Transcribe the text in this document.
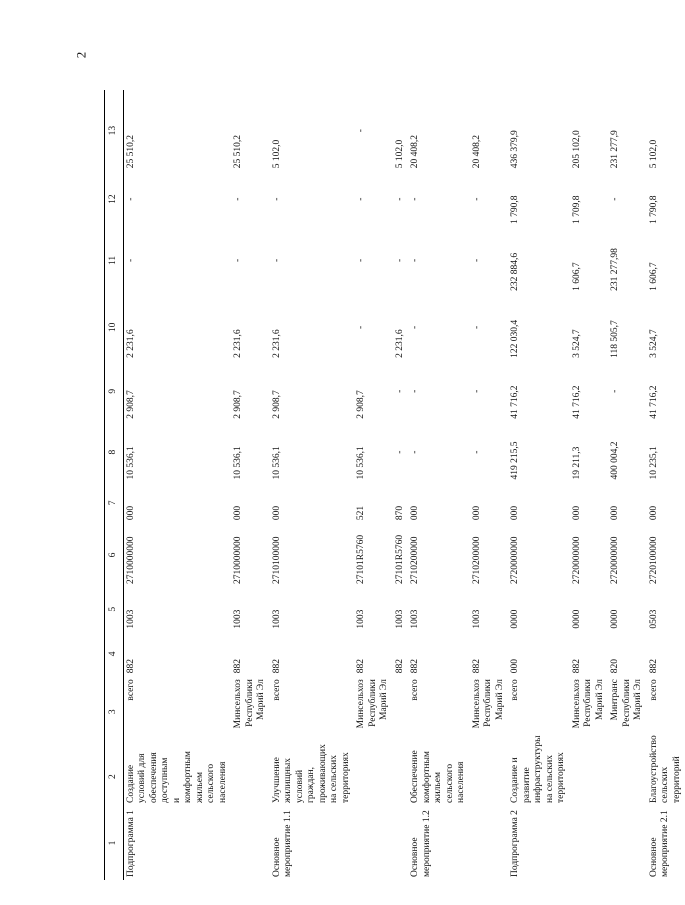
2
1	2	3	4	5	6	7	8	9	10	11	12	13
Подпрограмма 1	Создание условий для обеспечения доступным и комфортным жильем сельского населения	всего	882	1003	2710000000	000	10 536,1	2 908,7	2 231,6	-	-	25 510,2
		Минсельхоз Республики Марий Эл	882	1003	2710000000	000	10 536,1	2 908,7	2 231,6	-	-	25 510,2
Основное мероприятие 1.1	Улучшение жилищных условий граждан, проживающих на сельских территориях	всего	882	1003	2710100000	000	10 536,1	2 908,7	2 231,6	-	-	5 102,0
		Минсельхоз Республики Марий Эл	882	1003	27101R5760	521	10 536,1	2 908,7	-	-	-	-
			882	1003	27101R5760	870	-	-	2 231,6	-	-	5 102,0
Основное мероприятие 1.2	Обеспечение комфортным жильем сельского населения	всего	882	1003	2710200000	000	-	-	-	-	-	20 408,2
		Минсельхоз Республики Марий Эл	882	1003	2710200000	000	-	-	-	-	-	20 408,2
Подпрограмма 2	Создание и развитие инфраструктуры на сельских территориях	всего	000	0000	2720000000	000	419 215,5	41 716,2	122 030,4	232 884,6	1 790,8	436 379,9
		Минсельхоз Республики Марий Эл	882	0000	2720000000	000	19 211,3	41 716,2	3 524,7	1 606,7	1 709,8	205 102,0
		Минтранс Республики Марий Эл	820	0000	2720000000	000	400 004,2	-	118 505,7	231 277,98	-	231 277,9
Основное мероприятие 2.1	Благоустройство сельских территорий	всего	882	0503	2720100000	000	10 235,1	41 716,2	3 524,7	1 606,7	1 790,8	5 102,0
